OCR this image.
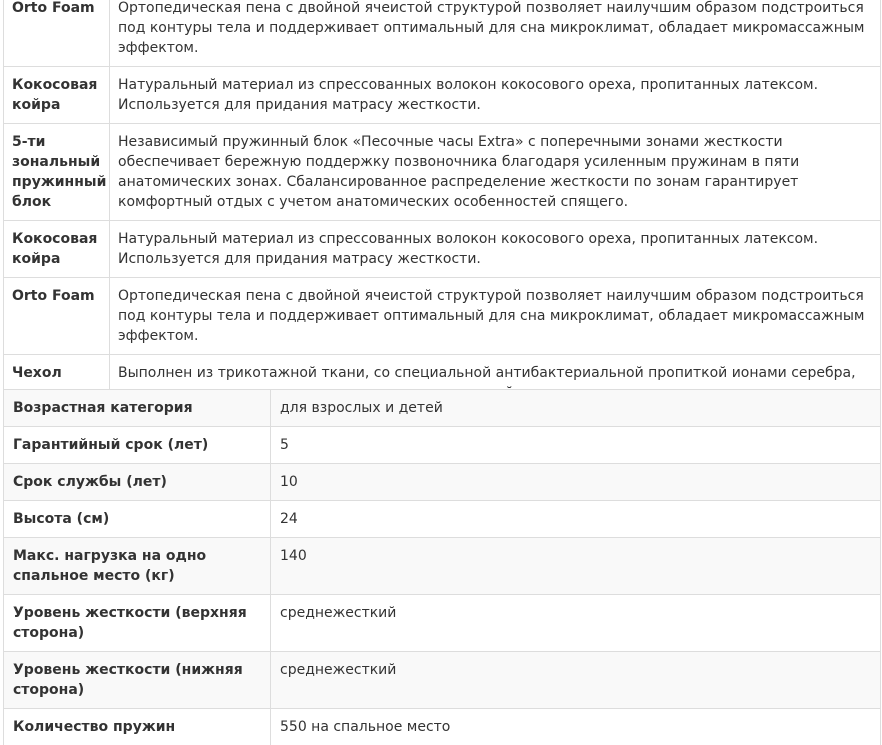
Orto Foam	Ортопедическая пена с двойной ячеистой структурой позволяет наилучшим образом подстроиться под контуры тела и поддерживает оптимальный для сна микроклимат, обладает микромассажным эффектом.
Кокосовая койра	Натуральный материал из спрессованных волокон кокосового ореха, пропитанных латексом. Используется для придания матрасу жесткости.
5-ти зональный пружинный блок	Независимый пружинный блок «Песочные часы Extra» с поперечными зонами жесткости обеспечивает бережную поддержку позвоночника благодаря усиленным пружинам в пяти анатомических зонах. Сбалансированное распределение жесткости по зонам гарантирует комфортный отдых с учетом анатомических особенностей спящего.
Кокосовая койра	Натуральный материал из спрессованных волокон кокосового ореха, пропитанных латексом. Используется для придания матрасу жесткости.
Orto Foam	Ортопедическая пена с двойной ячеистой структурой позволяет наилучшим образом подстроиться под контуры тела и поддерживает оптимальный для сна микроклимат, обладает микромассажным эффектом.
Чехол	Выполнен из трикотажной ткани, со специальной антибактериальной пропиткой ионами серебра,
Возрастная категория	для взрослых и детей
Гарантийный срок (лет)	5
Срок службы (лет)	10
Высота (см)	24
Макс. нагрузка на одно спальное место (кг)	140
Уровень жесткости (верхняя сторона)	среднежесткий
Уровень жесткости (нижняя сторона)	среднежесткий
Количество пружин	550 на спальное место
